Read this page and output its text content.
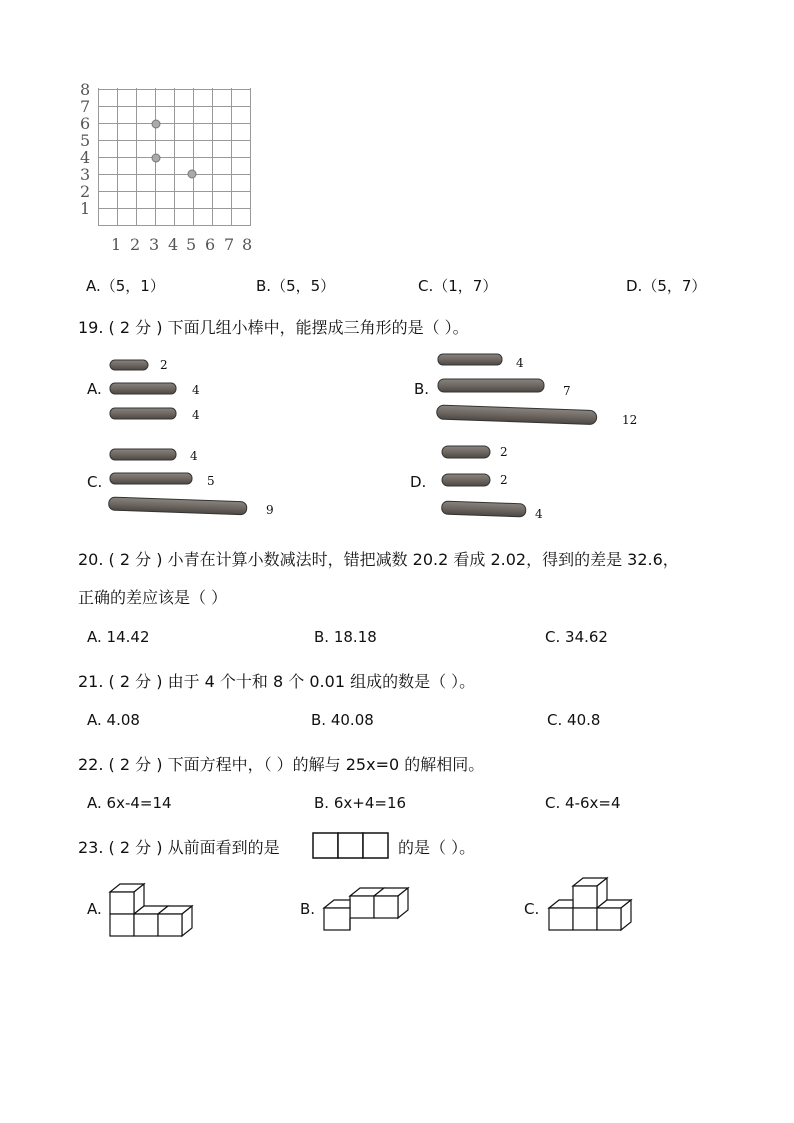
8
7
6
5
4
3
2
1
1 2 3 4 5 6 7 8
A.（5，1）	B.（5，5）	C.（1，7）	D.（5，7）
19. ( 2 分 ) 下面几组小棒中，能摆成三角形的是（ ）。
A.
2
4
4
B.
4
7
12
C.
4
5
9
D.
2
2
4
20. ( 2 分 ) 小青在计算小数减法时，错把减数 20.2 看成 2.02，得到的差是 32.6，
正确的差应该是（ ）
A. 14.42	B. 18.18	C. 34.62
21. ( 2 分 ) 由于 4 个十和 8 个 0.01 组成的数是（ ）。
A. 4.08	B. 40.08	C. 40.8
22. ( 2 分 ) 下面方程中，（ ）的解与 25x=0 的解相同。
A. 6x-4=14	B. 6x+4=16	C. 4-6x=4
23. ( 2 分 ) 从前面看到的是	的是（ ）。
A.	B.	C.
